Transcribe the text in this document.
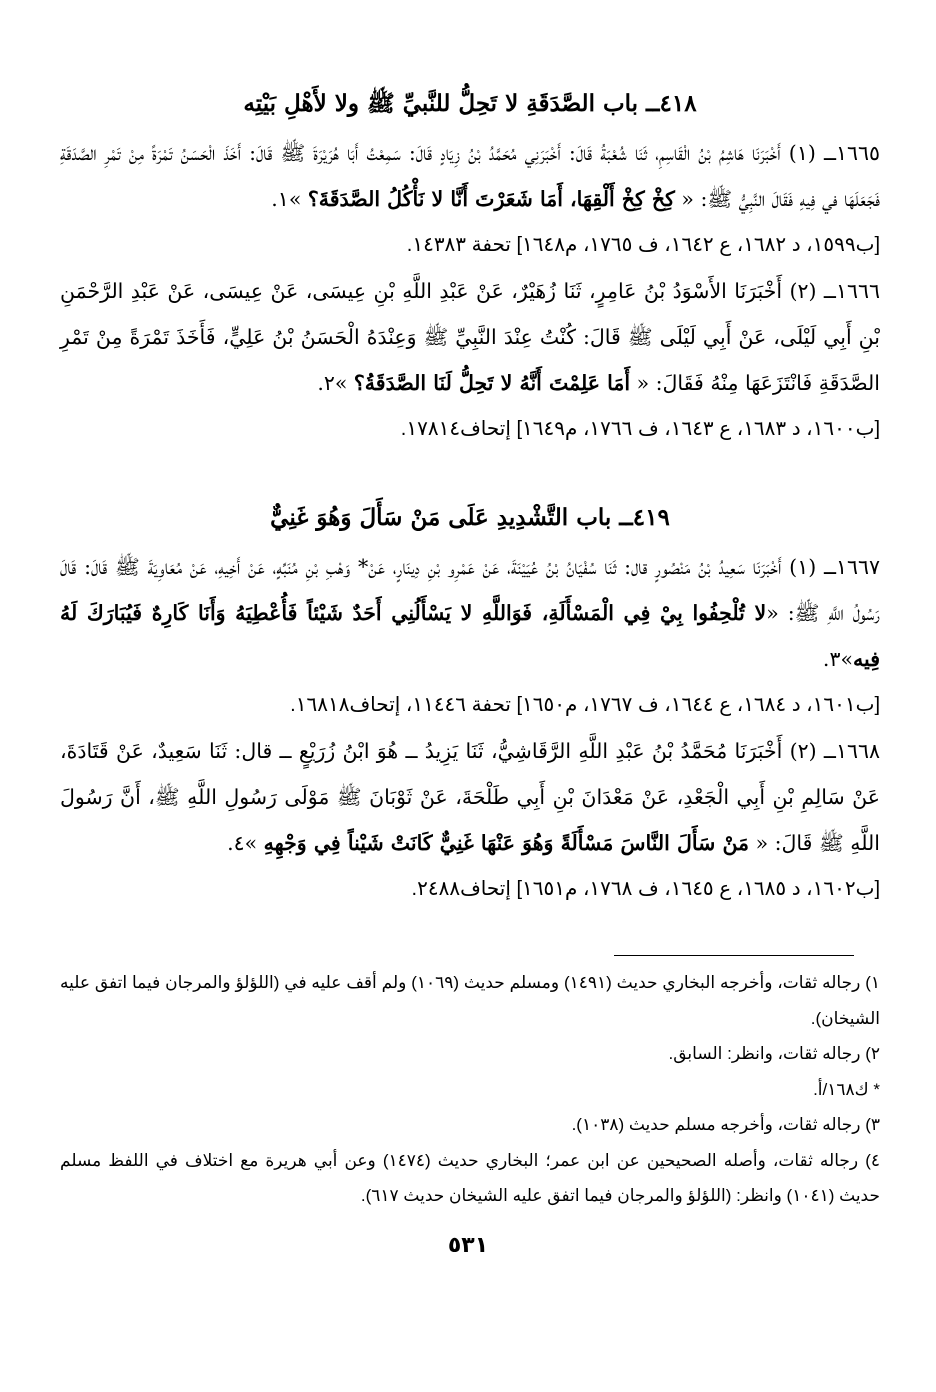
٤١٨ــ باب الصَّدَقَةِ لا تَحِلُّ للنَّبيِّ ﷺ ولا لأَهْلِ بَيْتِه

١٦٦٥ــ (١) أَخْبَرَنَا هَاشِمُ بْنُ الْقَاسِمِ، ثَنَا شُعْبَةُ قَالَ: أَخْبَرَنِي مُحَمَّدُ بْنُ زِيَادٍ قَالَ: سَمِعْتُ أَبَا هُرَيْرَةَ ﷺ قَالَ: أَخَذَ الْحَسَنُ تَمْرَةً مِنْ تَمْرِ الصَّدَقَةِ فَجَعَلَهَا في فِيهِ فَقَالَ النَّبِيُّ ﷺ: « كِخْ كِخْ أَلْقِهَا، أَمَا شَعَرْتَ أَنَّا لا نَأْكُلُ الصَّدَقَةَ؟ »١.

[ب١٥٩٩، د ١٦٨٢، ع ١٦٤٢، ف ١٧٦٥، م١٦٤٨] تحفة ١٤٣٨٣.

١٦٦٦ــ (٢) أَخْبَرَنَا الأَسْوَدُ بْنُ عَامِرٍ، ثَنَا زُهَيْرٌ، عَنْ عَبْدِ اللَّهِ بْنِ عِيسَى، عَنْ عِيسَى، عَنْ عَبْدِ الرَّحْمَنِ بْنِ أَبِي لَيْلَى، عَنْ أَبِي لَيْلَى ﷺ قَالَ: كُنْتُ عِنْدَ النَّبِيِّ ﷺ وَعِنْدَهُ الْحَسَنُ بْنُ عَلِيٍّ، فَأَخَذَ تَمْرَةً مِنْ تَمْرِ الصَّدَقَةِ فَانْتَزَعَهَا مِنْهُ فَقَالَ: « أَمَا عَلِمْتَ أَنَّهُ لا تَحِلُّ لَنَا الصَّدَقَةُ؟ »٢.

[ب١٦٠٠، د ١٦٨٣، ع ١٦٤٣، ف ١٧٦٦، م١٦٤٩] إتحاف١٧٨١٤.

٤١٩ــ باب التَّشْدِيدِ عَلَى مَنْ سَأَلَ وَهُوَ غَنِيٌّ

١٦٦٧ــ (١) أَخْبَرَنَا سَعِيدُ بْنُ مَنْصُورٍ قال: ثَنَا سُفْيَانُ بْنُ عُيَيْنَةَ، عَنْ عَمْرِو بْنِ دِينَارٍ، عَنْ* وَهْبِ بْنِ مُنَبِّهٍ، عَنْ أَخِيهِ، عَنْ مُعَاوِيَةَ ﷺ قَالَ: قَالَ رَسُولُ اللَّهِ ﷺ: «لا تُلْحِفُوا بِيْ فِي الْمَسْأَلَةِ، فَوَاللَّهِ لا يَسْأَلُنِي أَحَدٌ شَيْئاً فَأُعْطِيَهُ وَأَنَا كَارِهٌ فَيُبَارَكَ لَهُ فِيه»٣.

[ب١٦٠١، د ١٦٨٤، ع ١٦٤٤، ف ١٧٦٧، م١٦٥٠] تحفة ١١٤٤٦، إتحاف١٦٨١٨.

١٦٦٨ــ (٢) أَخْبَرَنَا مُحَمَّدُ بْنُ عَبْدِ اللَّهِ الرَّقَاشِيُّ، ثَنَا يَزِيدُ ــ هُوَ ابْنُ زُرَيْعٍ ــ قال: ثَنَا سَعِيدٌ، عَنْ قَتَادَةَ، عَنْ سَالِمِ بْنِ أَبِي الْجَعْدِ، عَنْ مَعْدَانَ بْنِ أَبِي طَلْحَةَ، عَنْ ثَوْبَانَ ﷺ مَوْلَى رَسُولِ اللَّهِ ﷺ، أَنَّ رَسُولَ اللَّهِ ﷺ قَالَ: « مَنْ سَأَلَ النَّاسَ مَسْأَلَةً وَهُوَ عَنْهَا غَنِيٌّ كَانَتْ شَيْناً فِي وَجْهِهِ »٤.

[ب١٦٠٢، د ١٦٨٥، ع ١٦٤٥، ف ١٧٦٨، م١٦٥١] إتحاف٢٤٨٨.

١) رجاله ثقات، وأخرجه البخاري حديث (١٤٩١) ومسلم حديث (١٠٦٩) ولم أقف عليه في (اللؤلؤ والمرجان فيما اتفق عليه الشيخان).

٢) رجاله ثقات، وانظر: السابق.

* ك١٦٨/أ.

٣) رجاله ثقات، وأخرجه مسلم حديث (١٠٣٨).

٤) رجاله ثقات، وأصله الصحيحين عن ابن عمر؛ البخاري حديث (١٤٧٤) وعن أبي هريرة مع اختلاف في اللفظ مسلم حديث (١٠٤١) وانظر: (اللؤلؤ والمرجان فيما اتفق عليه الشيخان حديث ٦١٧).

٥٣١
